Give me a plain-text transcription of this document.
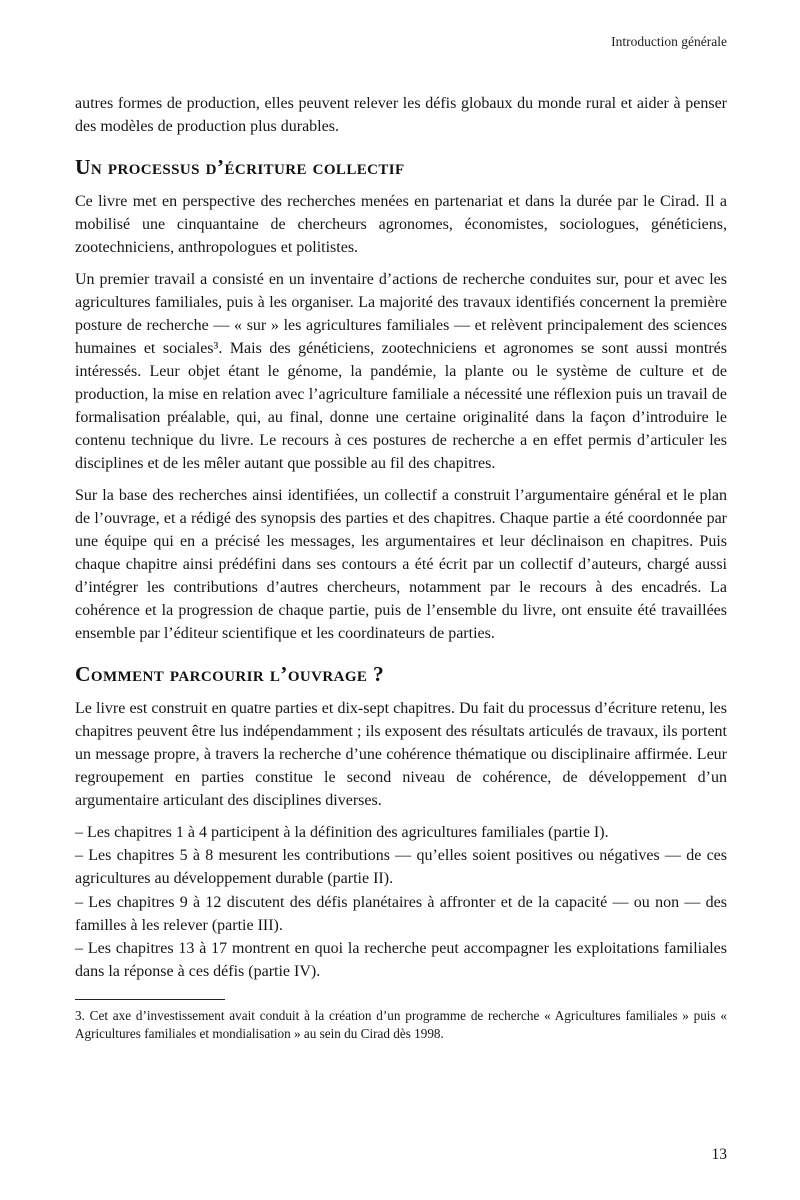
Introduction générale

autres formes de production, elles peuvent relever les défis globaux du monde rural et aider à penser des modèles de production plus durables.

Un processus d’écriture collectif

Ce livre met en perspective des recherches menées en partenariat et dans la durée par le Cirad. Il a mobilisé une cinquantaine de chercheurs agronomes, économistes, sociologues, généticiens, zootechniciens, anthropologues et politistes.

Un premier travail a consisté en un inventaire d’actions de recherche conduites sur, pour et avec les agricultures familiales, puis à les organiser. La majorité des travaux identifiés concernent la première posture de recherche — « sur » les agricultures familiales — et relèvent principalement des sciences humaines et sociales³. Mais des généticiens, zootechniciens et agronomes se sont aussi montrés intéressés. Leur objet étant le génome, la pandémie, la plante ou le système de culture et de production, la mise en relation avec l’agriculture familiale a nécessité une réflexion puis un travail de formalisation préalable, qui, au final, donne une certaine originalité dans la façon d’introduire le contenu technique du livre. Le recours à ces postures de recherche a en effet permis d’articuler les disciplines et de les mêler autant que possible au fil des chapitres.

Sur la base des recherches ainsi identifiées, un collectif a construit l’argumentaire général et le plan de l’ouvrage, et a rédigé des synopsis des parties et des chapitres. Chaque partie a été coordonnée par une équipe qui en a précisé les messages, les argumentaires et leur déclinaison en chapitres. Puis chaque chapitre ainsi prédéfini dans ses contours a été écrit par un collectif d’auteurs, chargé aussi d’intégrer les contributions d’autres chercheurs, notamment par le recours à des encadrés. La cohérence et la progression de chaque partie, puis de l’ensemble du livre, ont ensuite été travaillées ensemble par l’éditeur scientifique et les coordinateurs de parties.

Comment parcourir l’ouvrage ?

Le livre est construit en quatre parties et dix-sept chapitres. Du fait du processus d’écriture retenu, les chapitres peuvent être lus indépendamment ; ils exposent des résultats articulés de travaux, ils portent un message propre, à travers la recherche d’une cohérence thématique ou disciplinaire affirmée. Leur regroupement en parties constitue le second niveau de cohérence, de développement d’un argumentaire articulant des disciplines diverses.

– Les chapitres 1 à 4 participent à la définition des agricultures familiales (partie I).

– Les chapitres 5 à 8 mesurent les contributions — qu’elles soient positives ou négatives — de ces agricultures au développement durable (partie II).

– Les chapitres 9 à 12 discutent des défis planétaires à affronter et de la capacité — ou non — des familles à les relever (partie III).

– Les chapitres 13 à 17 montrent en quoi la recherche peut accompagner les exploitations familiales dans la réponse à ces défis (partie IV).

3. Cet axe d’investissement avait conduit à la création d’un programme de recherche « Agricultures familiales » puis « Agricultures familiales et mondialisation » au sein du Cirad dès 1998.

13
